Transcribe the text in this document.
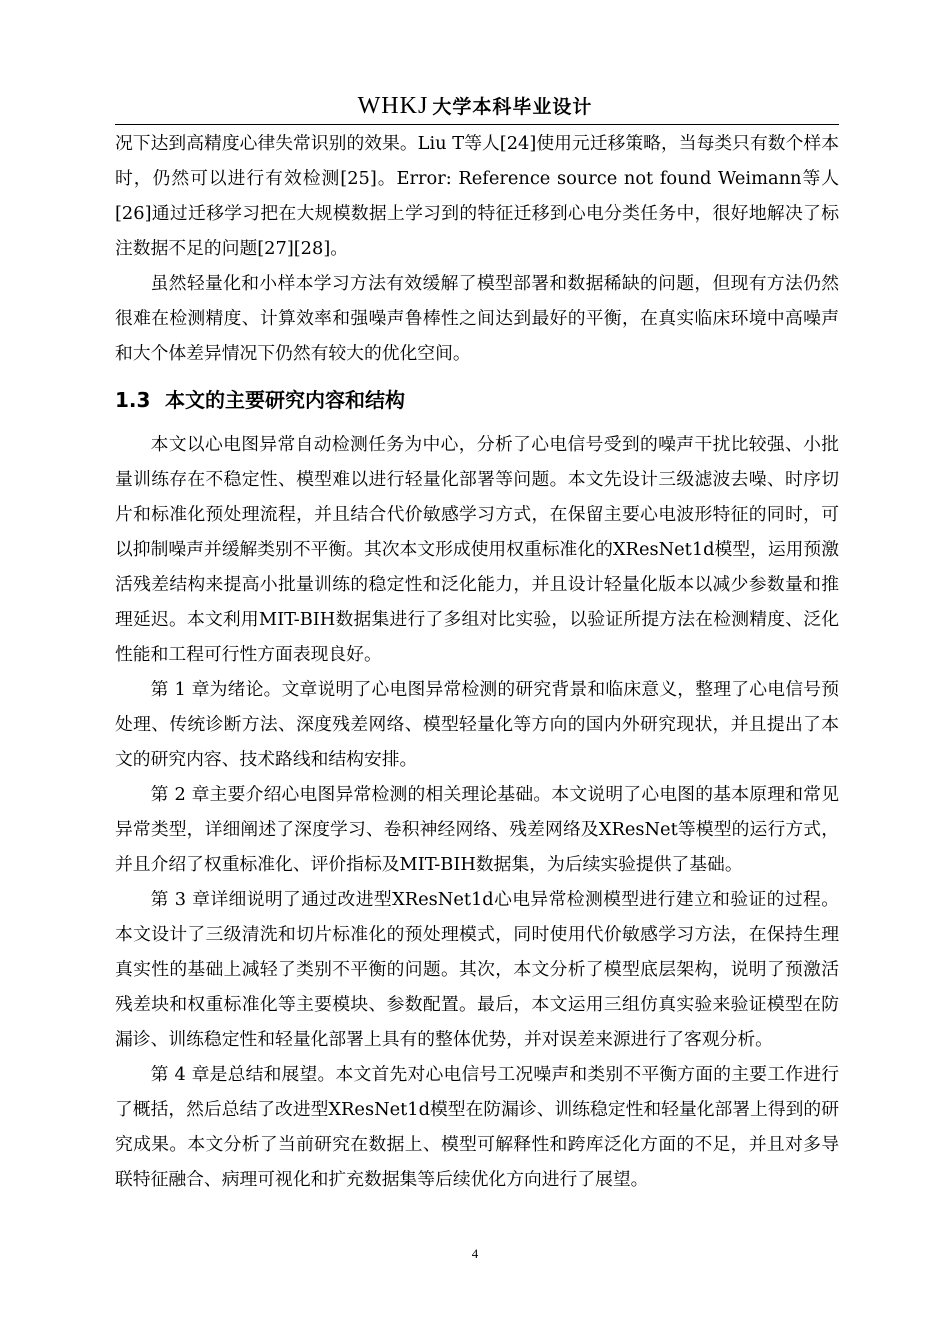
WHKJ 大学本科毕业设计

况下达到高精度心律失常识别的效果。Liu T等人[24]使用元迁移策略，当每类只有数个样本时，仍然可以进行有效检测[25]。Error: Reference source not found Weimann等人[26]通过迁移学习把在大规模数据上学习到的特征迁移到心电分类任务中，很好地解决了标注数据不足的问题[27][28]。

虽然轻量化和小样本学习方法有效缓解了模型部署和数据稀缺的问题，但现有方法仍然很难在检测精度、计算效率和强噪声鲁棒性之间达到最好的平衡，在真实临床环境中高噪声和大个体差异情况下仍然有较大的优化空间。

1.3 本文的主要研究内容和结构

本文以心电图异常自动检测任务为中心，分析了心电信号受到的噪声干扰比较强、小批量训练存在不稳定性、模型难以进行轻量化部署等问题。本文先设计三级滤波去噪、时序切片和标准化预处理流程，并且结合代价敏感学习方式，在保留主要心电波形特征的同时，可以抑制噪声并缓解类别不平衡。其次本文形成使用权重标准化的XResNet1d模型，运用预激活残差结构来提高小批量训练的稳定性和泛化能力，并且设计轻量化版本以减少参数量和推理延迟。本文利用MIT-BIH数据集进行了多组对比实验，以验证所提方法在检测精度、泛化性能和工程可行性方面表现良好。

第 1 章为绪论。文章说明了心电图异常检测的研究背景和临床意义，整理了心电信号预处理、传统诊断方法、深度残差网络、模型轻量化等方向的国内外研究现状，并且提出了本文的研究内容、技术路线和结构安排。

第 2 章主要介绍心电图异常检测的相关理论基础。本文说明了心电图的基本原理和常见异常类型，详细阐述了深度学习、卷积神经网络、残差网络及XResNet等模型的运行方式，并且介绍了权重标准化、评价指标及MIT-BIH数据集，为后续实验提供了基础。

第 3 章详细说明了通过改进型XResNet1d心电异常检测模型进行建立和验证的过程。本文设计了三级清洗和切片标准化的预处理模式，同时使用代价敏感学习方法，在保持生理真实性的基础上减轻了类别不平衡的问题。其次，本文分析了模型底层架构，说明了预激活残差块和权重标准化等主要模块、参数配置。最后，本文运用三组仿真实验来验证模型在防漏诊、训练稳定性和轻量化部署上具有的整体优势，并对误差来源进行了客观分析。

第 4 章是总结和展望。本文首先对心电信号工况噪声和类别不平衡方面的主要工作进行了概括，然后总结了改进型XResNet1d模型在防漏诊、训练稳定性和轻量化部署上得到的研究成果。本文分析了当前研究在数据上、模型可解释性和跨库泛化方面的不足，并且对多导联特征融合、病理可视化和扩充数据集等后续优化方向进行了展望。

4
